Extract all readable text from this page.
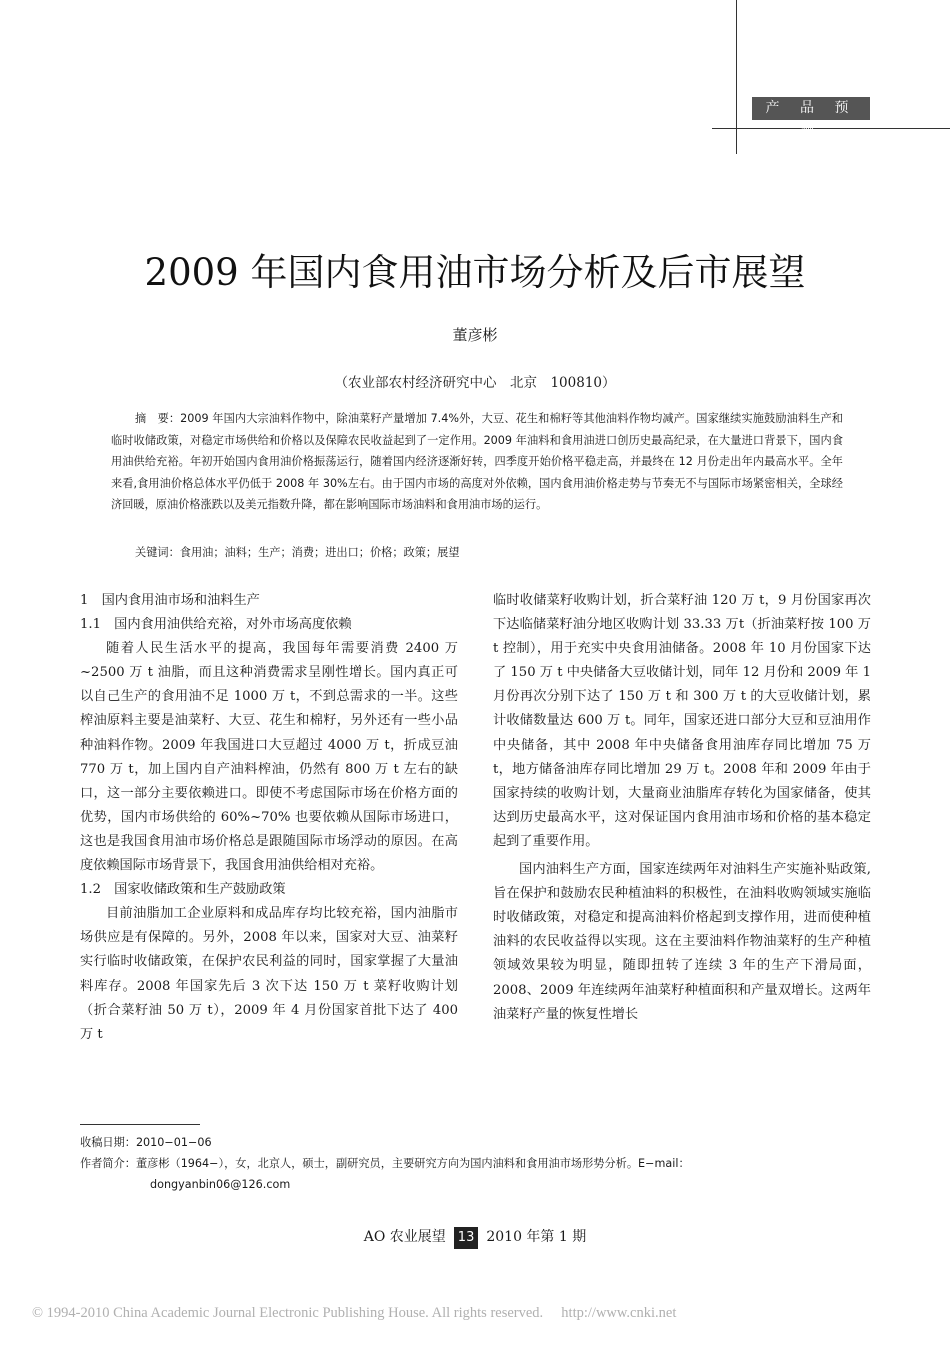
产 品 预 测
2009 年国内食用油市场分析及后市展望
董彦彬
（农业部农村经济研究中心　北京　100810）

摘　要：2009 年国内大宗油料作物中，除油菜籽产量增加 7.4%外，大豆、花生和棉籽等其他油料作物均减产。国家继续实施鼓励油料生产和临时收储政策，对稳定市场供给和价格以及保障农民收益起到了一定作用。2009 年油料和食用油进口创历史最高纪录，在大量进口背景下，国内食用油供给充裕。年初开始国内食用油价格振荡运行，随着国内经济逐渐好转，四季度开始价格平稳走高，并最终在 12 月份走出年内最高水平。全年来看,食用油价格总体水平仍低于 2008 年 30%左右。由于国内市场的高度对外依赖，国内食用油价格走势与节奏无不与国际市场紧密相关，全球经济回暖，原油价格涨跌以及美元指数升降，都在影响国际市场油料和食用油市场的运行。

关键词：食用油；油料；生产；消费；进出口；价格；政策；展望

1　国内食用油市场和油料生产
1.1　国内食用油供给充裕，对外市场高度依赖

随着人民生活水平的提高，我国每年需要消费 2400 万~2500 万 t 油脂，而且这种消费需求呈刚性增长。国内真正可以自己生产的食用油不足 1000 万 t，不到总需求的一半。这些榨油原料主要是油菜籽、大豆、花生和棉籽，另外还有一些小品种油料作物。2009 年我国进口大豆超过 4000 万 t，折成豆油 770 万 t，加上国内自产油料榨油，仍然有 800 万 t 左右的缺口，这一部分主要依赖进口。即使不考虑国际市场在价格方面的优势，国内市场供给的 60%~70% 也要依赖从国际市场进口，这也是我国食用油市场价格总是跟随国际市场浮动的原因。在高度依赖国际市场背景下，我国食用油供给相对充裕。

1.2　国家收储政策和生产鼓励政策

目前油脂加工企业原料和成品库存均比较充裕，国内油脂市场供应是有保障的。另外，2008 年以来，国家对大豆、油菜籽实行临时收储政策，在保护农民利益的同时，国家掌握了大量油料库存。2008 年国家先后 3 次下达 150 万 t 菜籽收购计划（折合菜籽油 50 万 t），2009 年 4 月份国家首批下达了 400 万 t

临时收储菜籽收购计划，折合菜籽油 120 万 t，9 月份国家再次下达临储菜籽油分地区收购计划 33.33 万t（折油菜籽按 100 万 t 控制），用于充实中央食用油储备。2008 年 10 月份国家下达了 150 万 t 中央储备大豆收储计划，同年 12 月份和 2009 年 1 月份再次分别下达了 150 万 t 和 300 万 t 的大豆收储计划，累计收储数量达 600 万 t。同年，国家还进口部分大豆和豆油用作中央储备，其中 2008 年中央储备食用油库存同比增加 75 万 t，地方储备油库存同比增加 29 万 t。2008 年和 2009 年由于国家持续的收购计划，大量商业油脂库存转化为国家储备，使其达到历史最高水平，这对保证国内食用油市场和价格的基本稳定起到了重要作用。

国内油料生产方面，国家连续两年对油料生产实施补贴政策,旨在保护和鼓励农民种植油料的积极性，在油料收购领域实施临时收储政策，对稳定和提高油料价格起到支撑作用，进而使种植油料的农民收益得以实现。这在主要油料作物油菜籽的生产种植领域效果较为明显，随即扭转了连续 3 年的生产下滑局面，2008、2009 年连续两年油菜籽种植面积和产量双增长。这两年油菜籽产量的恢复性增长

收稿日期：2010−01−06

作者简介：董彦彬（1964−），女，北京人，硕士，副研究员，主要研究方向为国内油料和食用油市场形势分析。E−mail：

dongyanbin06@126.com

AO 农业展望 13 2010 年第 1 期
© 1994-2010 China Academic Journal Electronic Publishing House. All rights reserved.　 http://www.cnki.net
